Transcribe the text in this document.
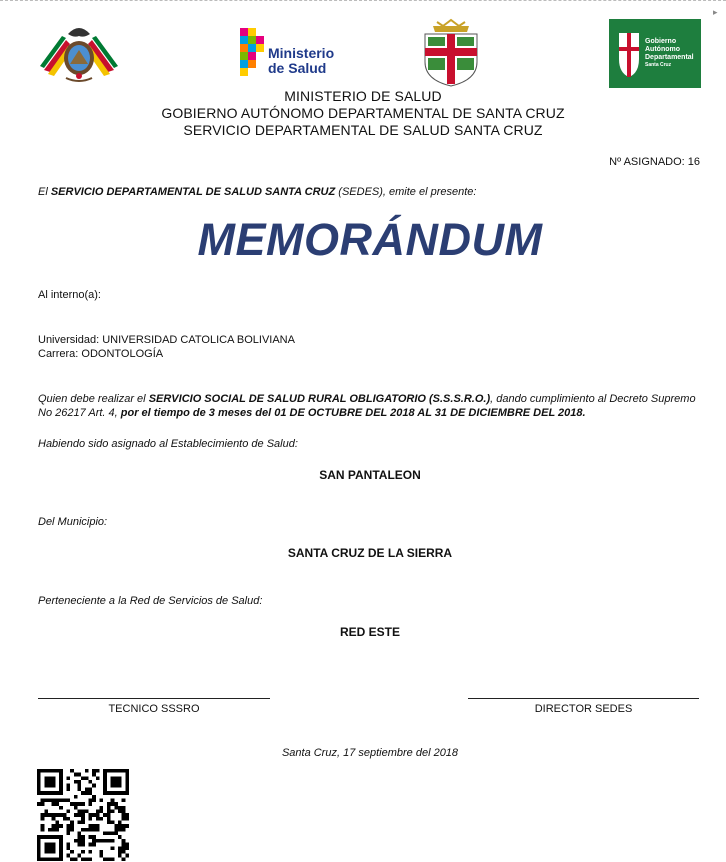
▸
Ministerio
de Salud
Gobierno
Autónomo
Departamental
Santa Cruz
MINISTERIO DE SALUD
GOBIERNO AUTÓNOMO DEPARTAMENTAL DE SANTA CRUZ
SERVICIO DEPARTAMENTAL DE SALUD SANTA CRUZ
Nº ASIGNADO: 16
El SERVICIO DEPARTAMENTAL DE SALUD SANTA CRUZ (SEDES), emite el presente:
MEMORÁNDUM
Al interno(a):
Universidad: UNIVERSIDAD CATOLICA BOLIVIANA
Carrera: ODONTOLOGÍA
Quien debe realizar el SERVICIO SOCIAL DE SALUD RURAL OBLIGATORIO (S.S.S.R.O.), dando cumplimiento al Decreto Supremo No 26217 Art. 4, por el tiempo de 3 meses del 01 DE OCTUBRE DEL 2018 AL 31 DE DICIEMBRE DEL 2018.
Habiendo sido asignado al Establecimiento de Salud:
SAN PANTALEON
Del Municipio:
SANTA CRUZ DE LA SIERRA
Perteneciente a la Red de Servicios de Salud:
RED ESTE
TECNICO SSSRO	DIRECTOR SEDES
Santa Cruz, 17 septiembre del 2018
